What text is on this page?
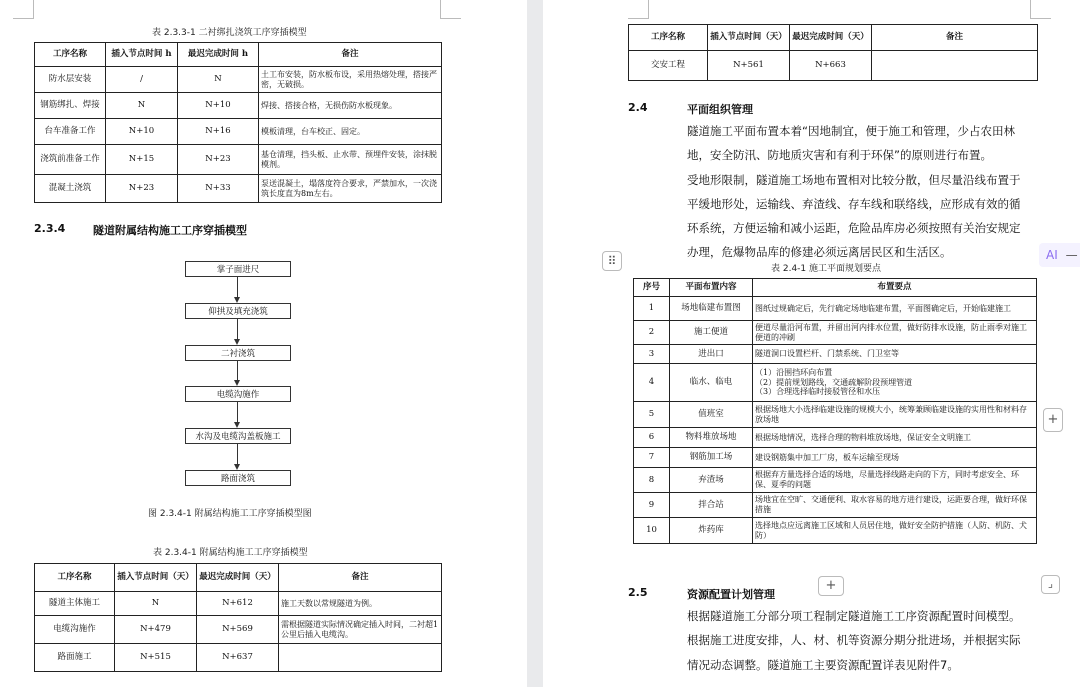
表 2.3.3-1 二衬绑扎浇筑工序穿插模型
工序名称	插入节点时间 h	最迟完成时间 h	备注
防水层安装	/	N	土工布安装，防水板布设，采用热熔处理，搭接严密，无破损。
钢筋绑扎、焊接	N	N+10	焊接、搭接合格，无损伤防水板现象。
台车准备工作	N+10	N+16	模板清理，台车校正、固定。
浇筑前准备工作	N+15	N+23	基仓清理，挡头板、止水带、预埋件安装，涂抹脱模剂。
混凝土浇筑	N+23	N+33	泵送混凝土，塌落度符合要求，严禁加水，一次浇筑长度直为8m左右。
2.3.4	隧道附属结构施工工序穿插模型
掌子面进尺
仰拱及填充浇筑
二衬浇筑
电缆沟施作
水沟及电缆沟盖板施工
路面浇筑
图 2.3.4-1 附属结构施工工序穿插模型图
表 2.3.4-1 附属结构施工工序穿插模型
工序名称	插入节点时间（天）	最迟完成时间（天）	备注
隧道主体施工	N	N+612	施工天数以常规隧道为例。
电缆沟施作	N+479	N+569	需根据隧道实际情况确定插入时间，二衬超1公里后插入电缆沟。
路面施工	N+515	N+637	
工序名称	插入节点时间（天）	最迟完成时间（天）	备注
交安工程	N+561	N+663	
2.4	平面组织管理
隧道施工平面布置本着“因地制宜，便于施工和管理，少占农田林
地，安全防汛、防地质灾害和有利于环保”的原则进行布置。
受地形限制，隧道施工场地布置相对比较分散，但尽量沿线布置于
平缓地形处，运输线、弃渣线、存车线和联络线，应形成有效的循
环系统，方便运输和减小运距，危险品库房必须按照有关治安规定
办理，危爆物品库的修建必须远离居民区和生活区。
表 2.4-1 施工平面规划要点
序号	平面布置内容	布置要点
1	场地临建布置图	图纸过规确定后，先行确定场地临建布置，平面图确定后，开始临建施工
2	施工便道	便道尽量沿河布置，并留出河内排水位置，做好防排水设施，防止雨季对施工便道的冲刷
3	进出口	隧道洞口设置栏杆、门禁系统、门卫室等
4	临水、临电	（1）沿围挡环向布置
（2）提前规划路线，交通疏解阶段预埋管道
（3）合理选择临时接驳管径和水压
5	值班室	根据场地大小选择临建设施的规模大小，统筹兼顾临建设施的实用性和材料存放场地
6	物料堆放场地	根据场地情况，选择合理的物料堆放场地，保证安全文明施工
7	钢筋加工场	建设钢筋集中加工厂房，板车运输至现场
8	弃渣场	根据弃方量选择合适的场地，尽量选择线路走向的下方，同时考虑安全、环保、夏季的问题
9	拌合站	场地宜在空旷、交通便利、取水容易的地方进行建设，运距要合理，做好环保措施
10	炸药库	选择地点应远离施工区域和人员居住地，做好安全防护措施（人防、机防、犬防）
2.5	资源配置计划管理
根据隧道施工分部分项工程制定隧道施工工序资源配置时间模型。
根据施工进度安排，人、材、机等资源分期分批进场，并根据实际
情况动态调整。隧道施工主要资源配置详表见附件7。
⠿
+
+	⌟
AI —
